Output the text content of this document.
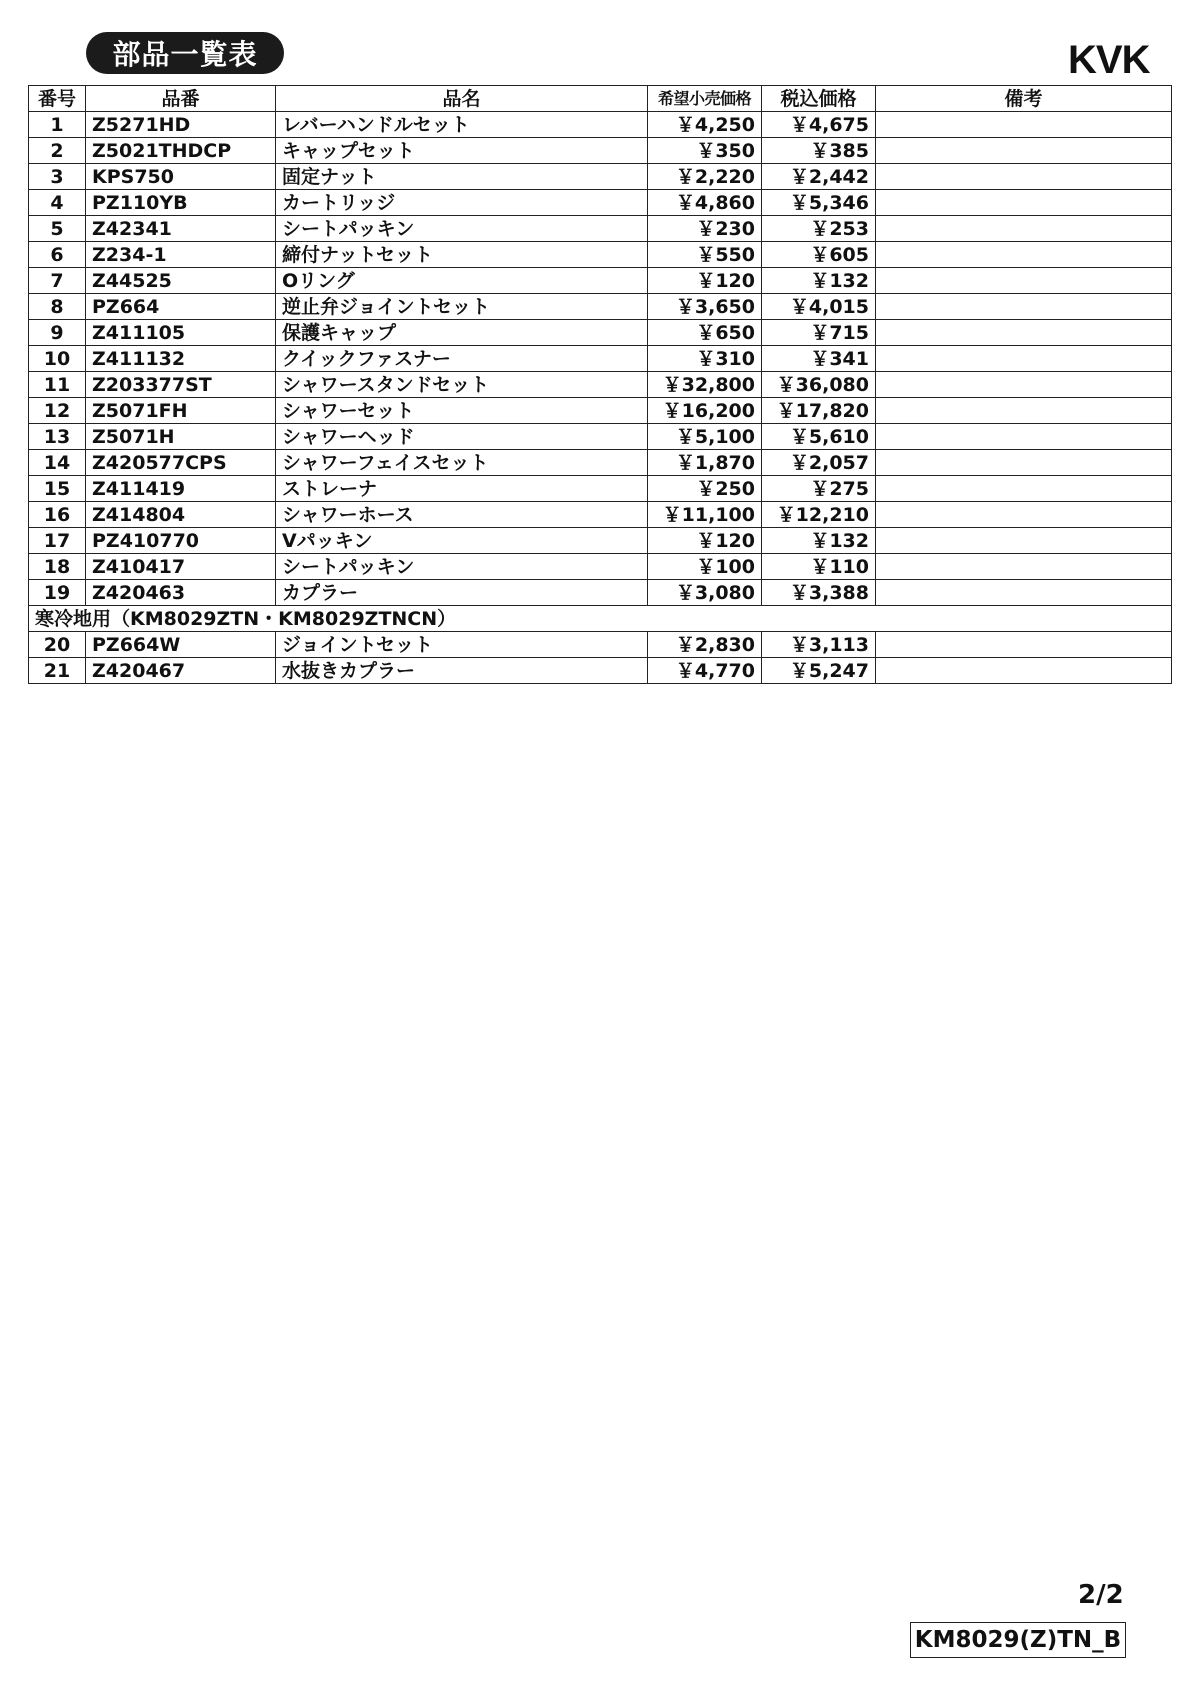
部品一覧表	KVK
番号	品番	品名	希望小売価格	税込価格	備考
1	Z5271HD	レバーハンドルセット	￥4,250	￥4,675	
2	Z5021THDCP	キャップセット	￥350	￥385	
3	KPS750	固定ナット	￥2,220	￥2,442	
4	PZ110YB	カートリッジ	￥4,860	￥5,346	
5	Z42341	シートパッキン	￥230	￥253	
6	Z234-1	締付ナットセット	￥550	￥605	
7	Z44525	Oリング	￥120	￥132	
8	PZ664	逆止弁ジョイントセット	￥3,650	￥4,015	
9	Z411105	保護キャップ	￥650	￥715	
10	Z411132	クイックファスナー	￥310	￥341	
11	Z203377ST	シャワースタンドセット	￥32,800	￥36,080	
12	Z5071FH	シャワーセット	￥16,200	￥17,820	
13	Z5071H	シャワーヘッド	￥5,100	￥5,610	
14	Z420577CPS	シャワーフェイスセット	￥1,870	￥2,057	
15	Z411419	ストレーナ	￥250	￥275	
16	Z414804	シャワーホース	￥11,100	￥12,210	
17	PZ410770	Vパッキン	￥120	￥132	
18	Z410417	シートパッキン	￥100	￥110	
19	Z420463	カプラー	￥3,080	￥3,388	
寒冷地用（KM8029ZTN・KM8029ZTNCN）					
20	PZ664W	ジョイントセット	￥2,830	￥3,113	
21	Z420467	水抜きカプラー	￥4,770	￥5,247	
2/2
KM8029(Z)TN_B
